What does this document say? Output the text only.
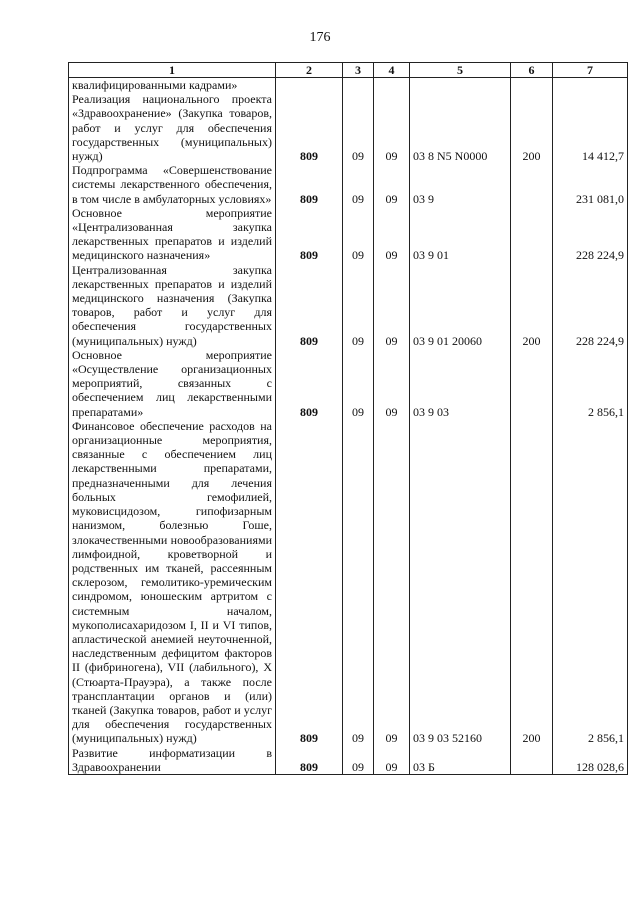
176
1	2	3	4	5	6	7
квалифицированными кадрами»						
Реализация национального проекта «Здравоохранение» (Закупка товаров, работ и услуг для обеспечения государственных (муниципальных) нужд)	809	09	09	03 8 N5 N0000	200	14 412,7
Подпрограмма «Совершенствование системы лекарственного обеспечения, в том числе в амбулаторных условиях»	809	09	09	03 9		231 081,0
Основное мероприятие «Централизованная закупка лекарственных препаратов и изделий медицинского назначения»	809	09	09	03 9 01		228 224,9
Централизованная закупка лекарственных препаратов и изделий медицинского назначения (Закупка товаров, работ и услуг для обеспечения государственных (муниципальных) нужд)	809	09	09	03 9 01 20060	200	228 224,9
Основное мероприятие «Осуществление организационных мероприятий, связанных с обеспечением лиц лекарственными препаратами»	809	09	09	03 9 03		2 856,1
Финансовое обеспечение расходов на организационные мероприятия, связанные с обеспечением лиц лекарственными препаратами, предназначенными для лечения больных гемофилией, муковисцидозом, гипофизарным нанизмом, болезнью Гоше, злокачественными новообразованиями лимфоидной, кроветворной и родственных им тканей, рассеянным склерозом, гемолитико-уремическим синдромом, юношеским артритом с системным началом, мукополисахаридозом I, II и VI типов, апластической анемией неуточненной, наследственным дефицитом факторов II (фибриногена), VII (лабильного), X (Стюарта-Прауэра), а также после трансплантации органов и (или) тканей (Закупка товаров, работ и услуг для обеспечения государственных (муниципальных) нужд)	809	09	09	03 9 03 52160	200	2 856,1
Развитие информатизации в Здравоохранении	809	09	09	03 Б		128 028,6
